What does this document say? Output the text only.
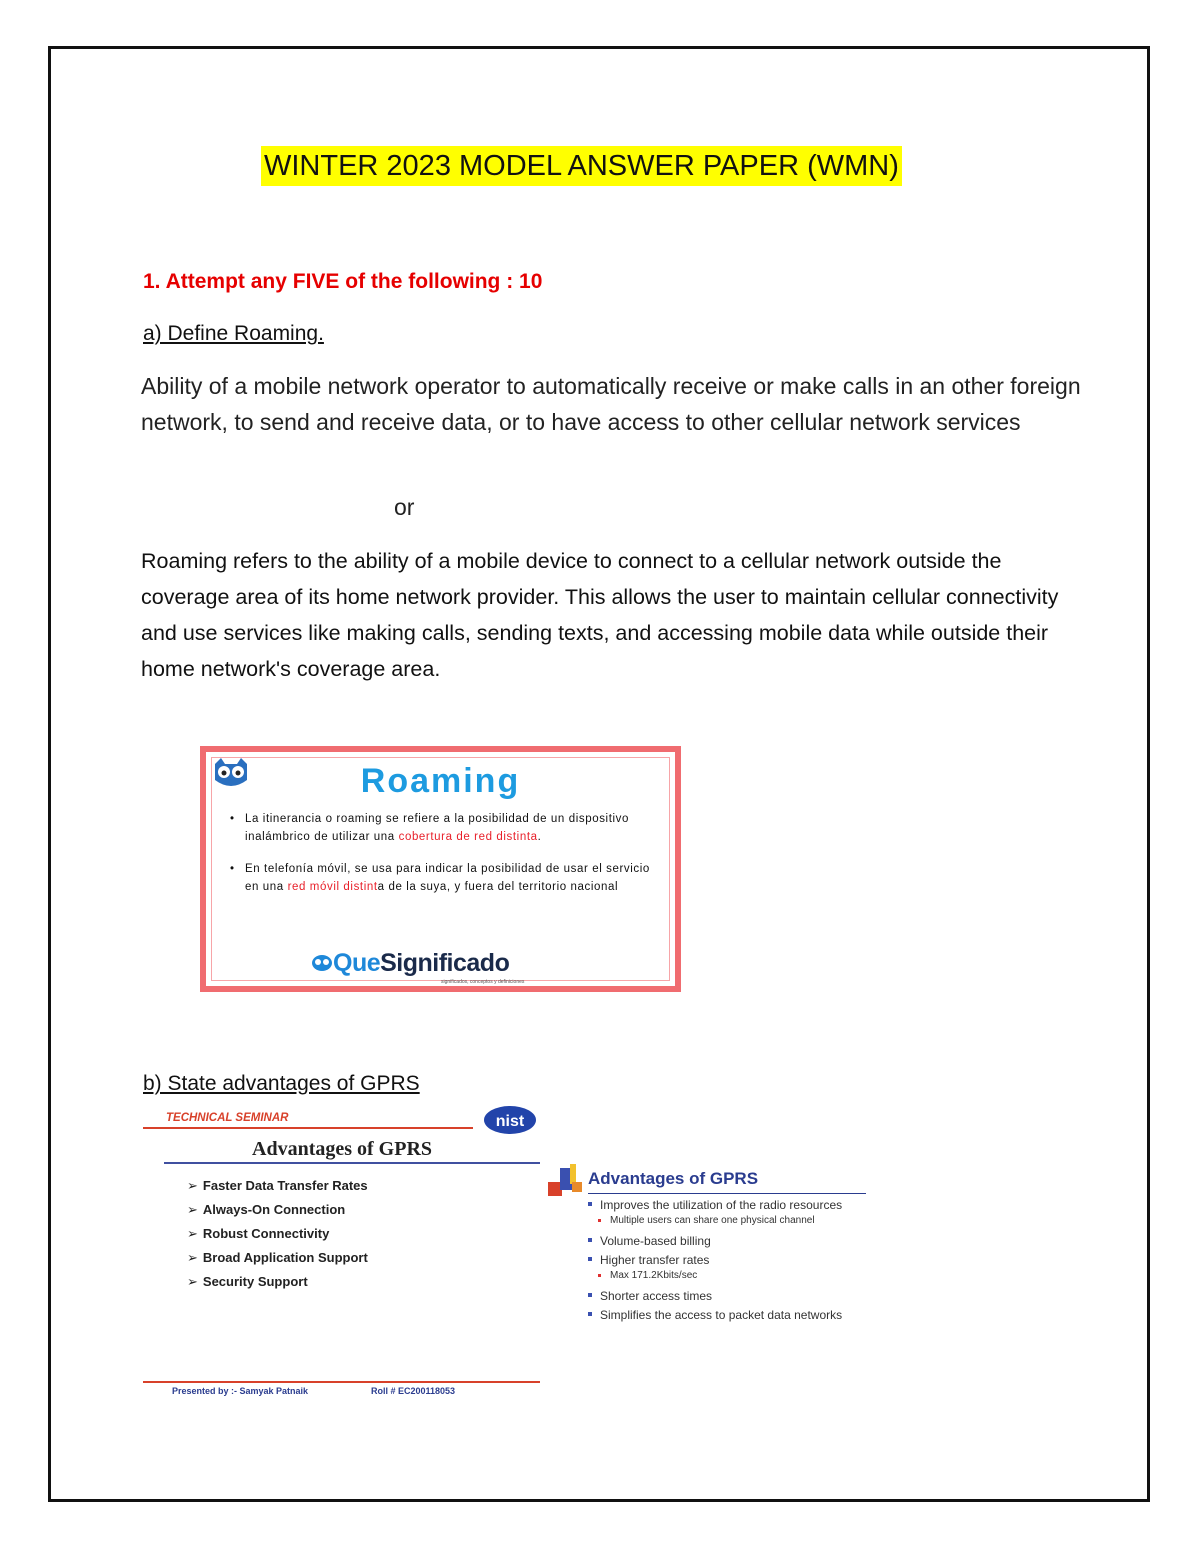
WINTER 2023 MODEL ANSWER PAPER (WMN)
1. Attempt any FIVE of the following : 10
a) Define Roaming.
Ability of a mobile network operator to automatically receive or make calls in an other foreign network, to send and receive data, or to have access to other cellular network services
or
Roaming refers to the ability of a mobile device to connect to a cellular network outside the coverage area of its home network provider. This allows the user to maintain cellular connectivity and use services like making calls, sending texts, and accessing mobile data while outside their home network's coverage area.
Roaming
• La itinerancia o roaming se refiere a la posibilidad de un dispositivo inalámbrico de utilizar una cobertura de red distinta.
• En telefonía móvil, se usa para indicar la posibilidad de usar el servicio en una red móvil distinta de la suya, y fuera del territorio nacional
QueSignificado
significados, conceptos y definiciones
b) State advantages of GPRS
TECHNICAL SEMINAR	nist
Advantages of GPRS
➢ Faster Data Transfer Rates
➢ Always-On Connection
➢ Robust Connectivity
➢ Broad Application Support
➢ Security Support
Presented by :- Samyak Patnaik	Roll # EC200118053
Advantages of GPRS
Improves the utilization of the radio resources
Multiple users can share one physical channel
Volume-based billing
Higher transfer rates
Max 171.2Kbits/sec
Shorter access times
Simplifies the access to packet data networks
